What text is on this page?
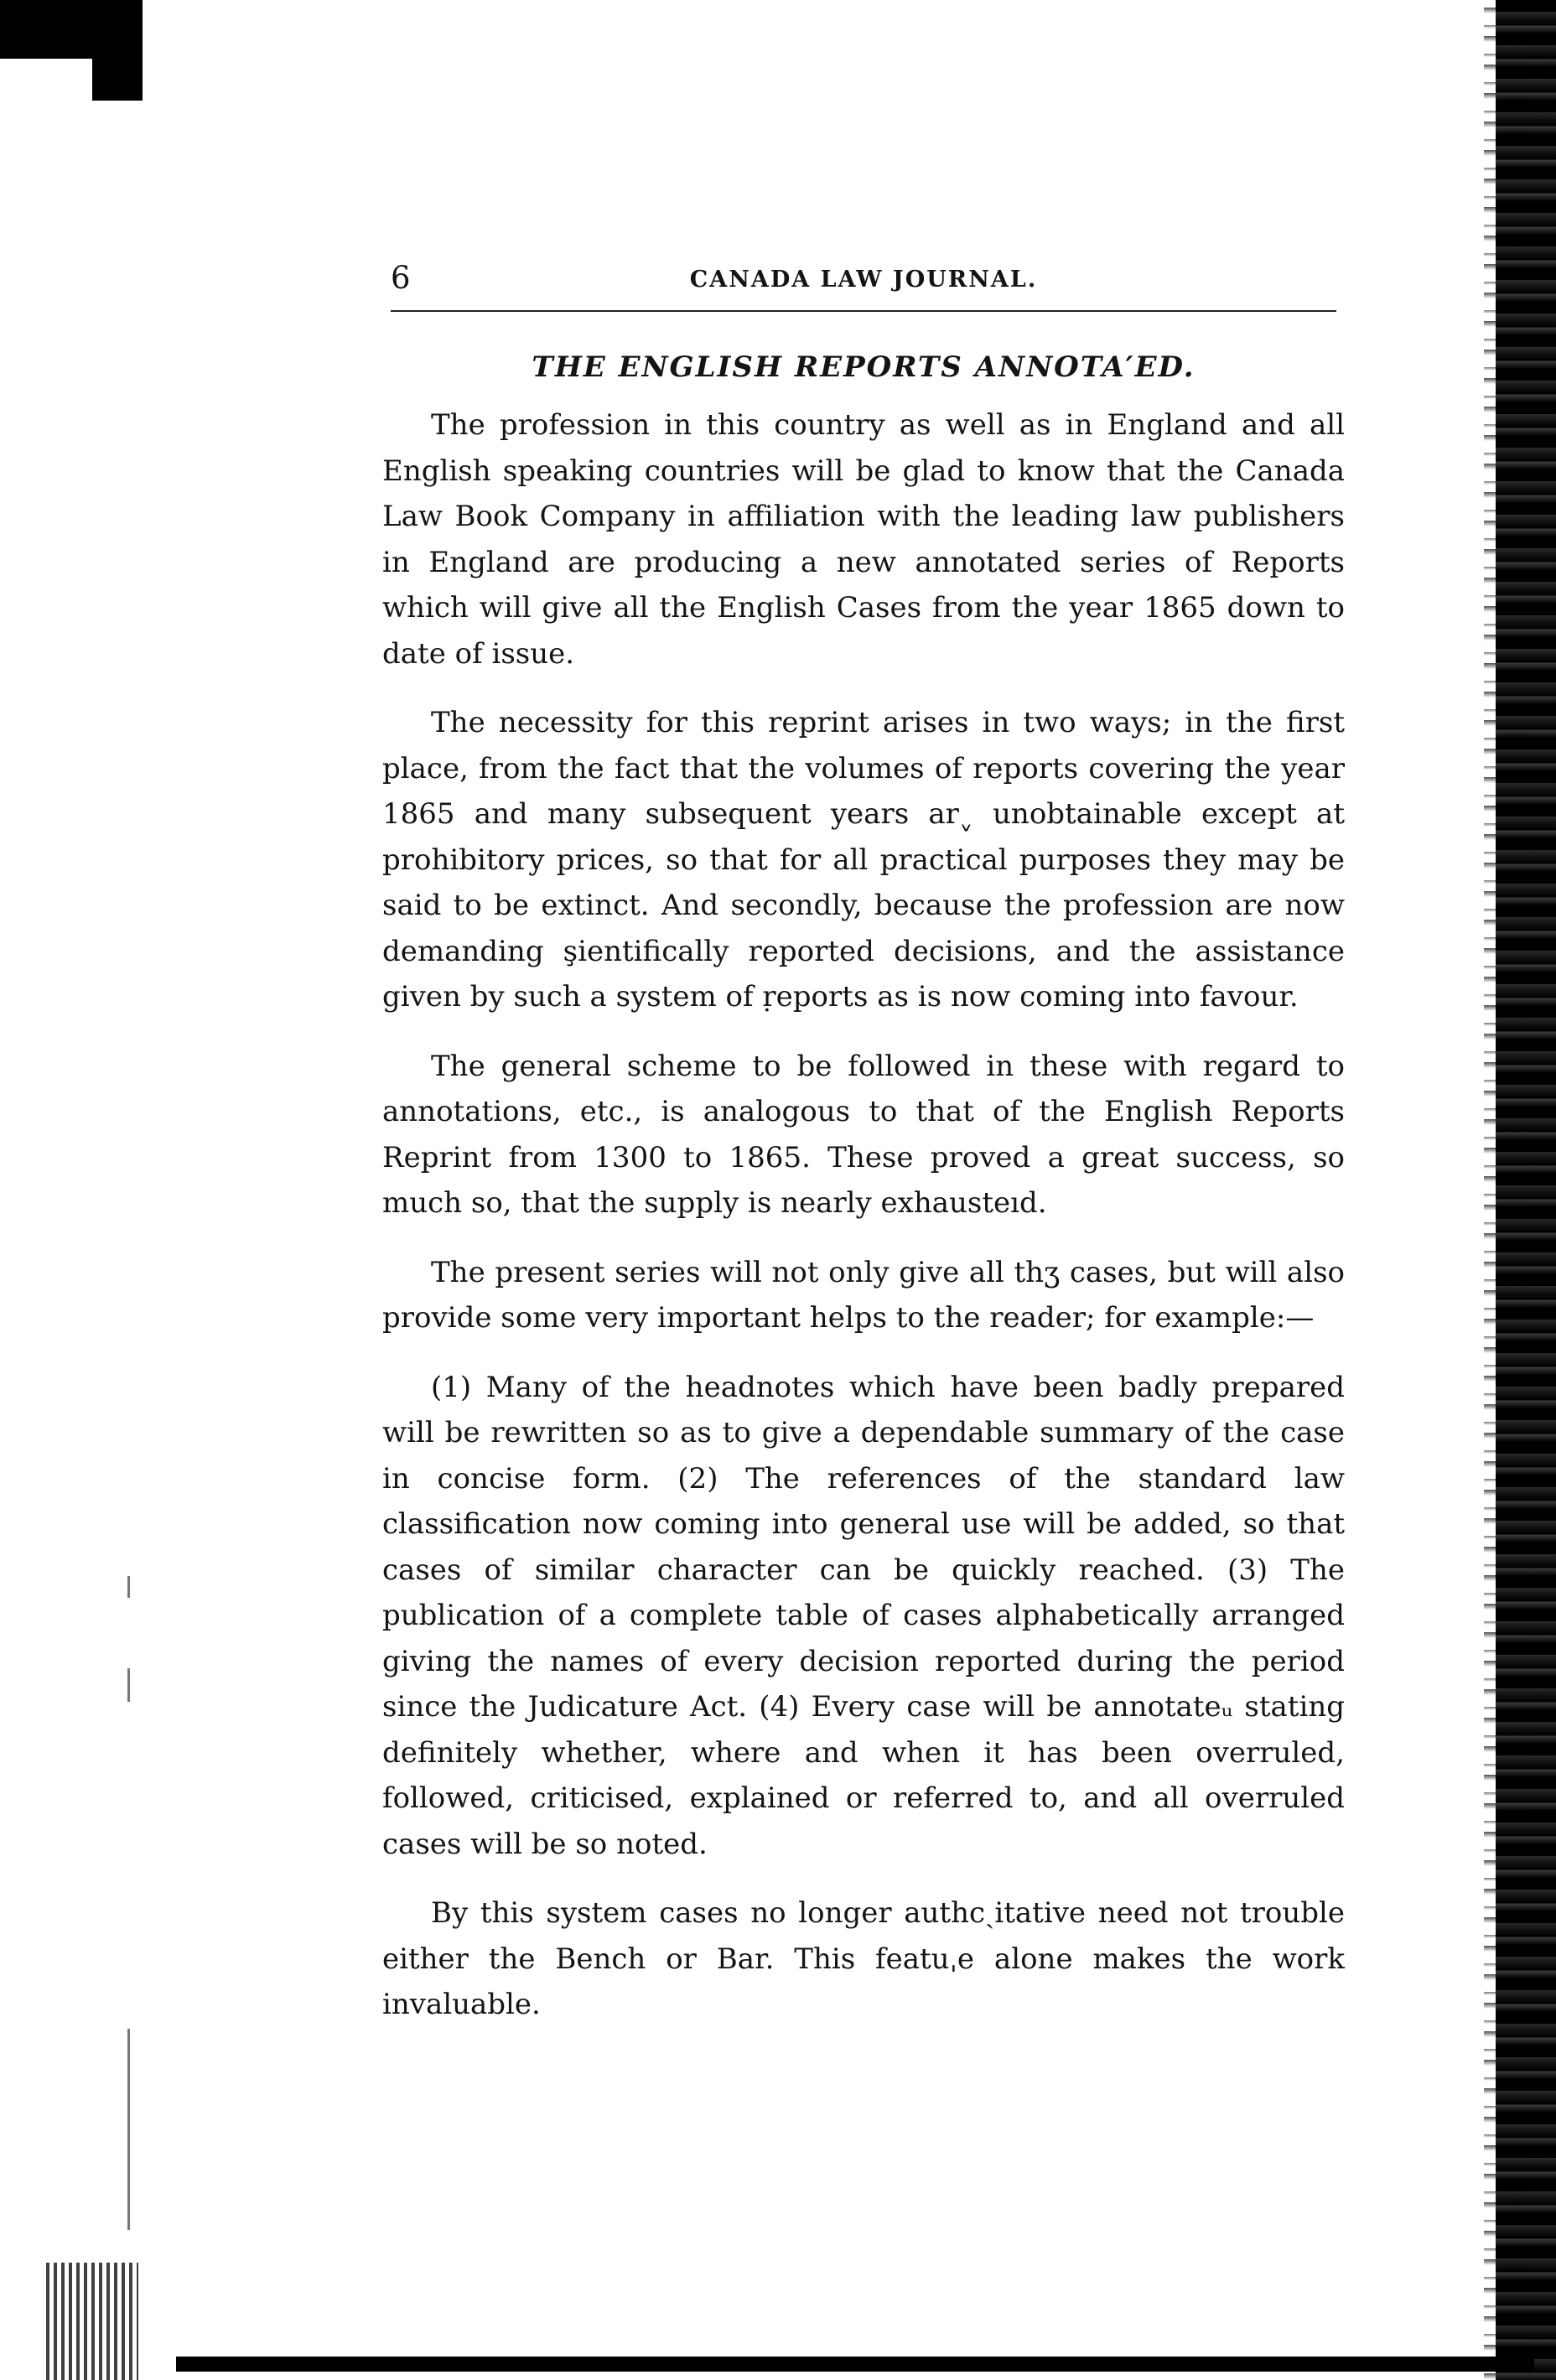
6	CANADA LAW JOURNAL.
THE ENGLISH REPORTS ANNOTA′ED.

The profession in this country as well as in England and all English speaking countries will be glad to know that the Canada Law Book Company in affiliation with the leading law publishers in England are producing a new annotated series of Reports which will give all the English Cases from the year 1865 down to date of issue.

The necessity for this reprint arises in two ways; in the first place, from the fact that the volumes of reports covering the year 1865 and many subsequent years arˬ unobtainable except at prohibitory prices, so that for all practical purposes they may be said to be extinct. And secondly, because the profession are now demanding şientifically reported decisions, and the assistance given by such a system of ṛeports as is now coming into favour.

The general scheme to be followed in these with regard to annotations, etc., is analogous to that of the English Reports Reprint from 1300 to 1865. These proved a great success, so much so, that the supply is nearly exhausteıd.

The present series will not only give all thʒ cases, but will also provide some very important helps to the reader; for example:—

(1) Many of the headnotes which have been badly prepared will be rewritten so as to give a dependable summary of the case in concise form. (2) The references of the standard law classification now coming into general use will be added, so that cases of similar character can be quickly reached. (3) The publication of a complete table of cases alphabetically arranged giving the names of every decision reported during the period since the Judicature Act. (4) Every case will be annotateᵤ stating definitely whether, where and when it has been overruled, followed, criticised, explained or referred to, and all overruled cases will be so noted.

By this system cases no longer authcˏitative need not trouble either the Bench or Bar. This featuˌе alone makes the work invaluable.
